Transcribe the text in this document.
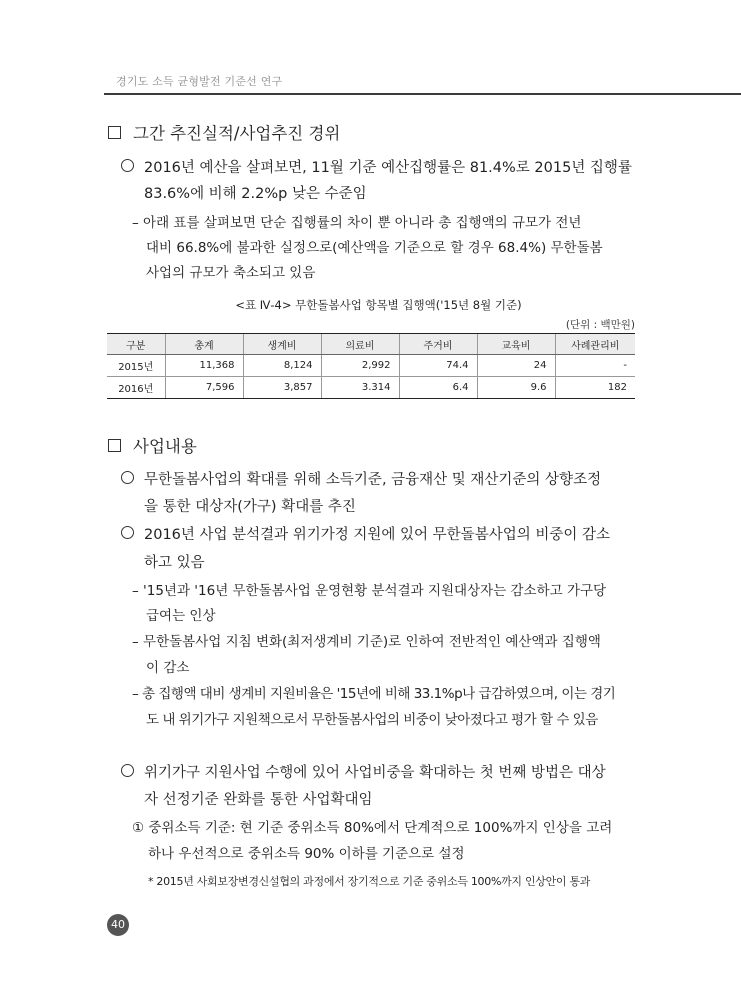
경기도 소득 균형발전 기준선 연구
그간 추진실적/사업추진 경위
2016년 예산을 살펴보면, 11월 기준 예산집행률은 81.4%로 2015년 집행률
83.6%에 비해 2.2%p 낮은 수준임
– 아래 표를 살펴보면 단순 집행률의 차이 뿐 아니라 총 집행액의 규모가 전년
대비 66.8%에 불과한 실정으로(예산액을 기준으로 할 경우 68.4%) 무한돌봄
사업의 규모가 축소되고 있음
<표 Ⅳ-4> 무한돌봄사업 항목별 집행액('15년 8월 기준)
(단위 : 백만원)
구분	총계	생계비	의료비	주거비	교육비	사례관리비
2015년	11,368	8,124	2,992	74.4	24	-
2016년	7,596	3,857	3.314	6.4	9.6	182
사업내용
무한돌봄사업의 확대를 위해 소득기준, 금융재산 및 재산기준의 상향조정
을 통한 대상자(가구) 확대를 추진
2016년 사업 분석결과 위기가정 지원에 있어 무한돌봄사업의 비중이 감소
하고 있음
– '15년과 '16년 무한돌봄사업 운영현황 분석결과 지원대상자는 감소하고 가구당
급여는 인상
– 무한돌봄사업 지침 변화(최저생계비 기준)로 인하여 전반적인 예산액과 집행액
이 감소
– 총 집행액 대비 생계비 지원비율은 '15년에 비해 33.1%p나 급감하였으며, 이는 경기
도 내 위기가구 지원책으로서 무한돌봄사업의 비중이 낮아졌다고 평가 할 수 있음
위기가구 지원사업 수행에 있어 사업비중을 확대하는 첫 번째 방법은 대상
자 선정기준 완화를 통한 사업확대임
① 중위소득 기준: 현 기준 중위소득 80%에서 단계적으로 100%까지 인상을 고려
하나 우선적으로 중위소득 90% 이하를 기준으로 설정
* 2015년 사회보장변경신설협의 과정에서 장기적으로 기준 중위소득 100%까지 인상안이 통과
40
